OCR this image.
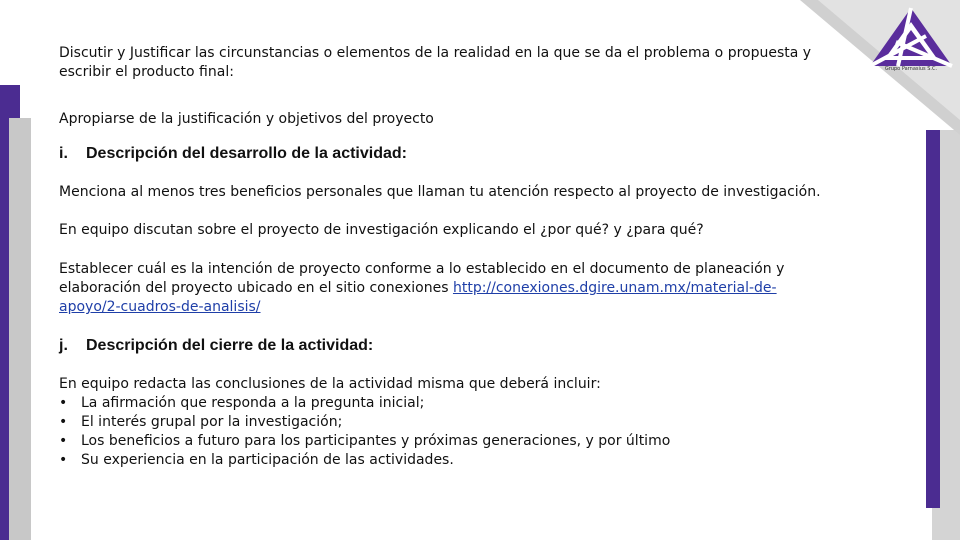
Grupo Parnasius S.C.

Discutir y Justificar las circunstancias o elementos de la realidad en la que se da el problema o propuesta y escribir el producto final:

Apropiarse de la justificación y objetivos del proyecto

i. Descripción del desarrollo de la actividad:

Menciona al menos tres beneficios personales que llaman tu atención respecto al proyecto de investigación.

En equipo discutan sobre el proyecto de investigación explicando el ¿por qué? y ¿para qué?

Establecer cuál es la intención de proyecto conforme a lo establecido en el documento de planeación y elaboración del proyecto ubicado en el sitio conexiones http://conexiones.dgire.unam.mx/material-de-apoyo/2-cuadros-de-analisis/

j. Descripción del cierre de la actividad:

En equipo redacta las conclusiones de la actividad misma que deberá incluir:

• La afirmación que responda a la pregunta inicial;
• El interés grupal por la investigación;
• Los beneficios a futuro para los participantes y próximas generaciones, y por último
• Su experiencia en la participación de las actividades.
